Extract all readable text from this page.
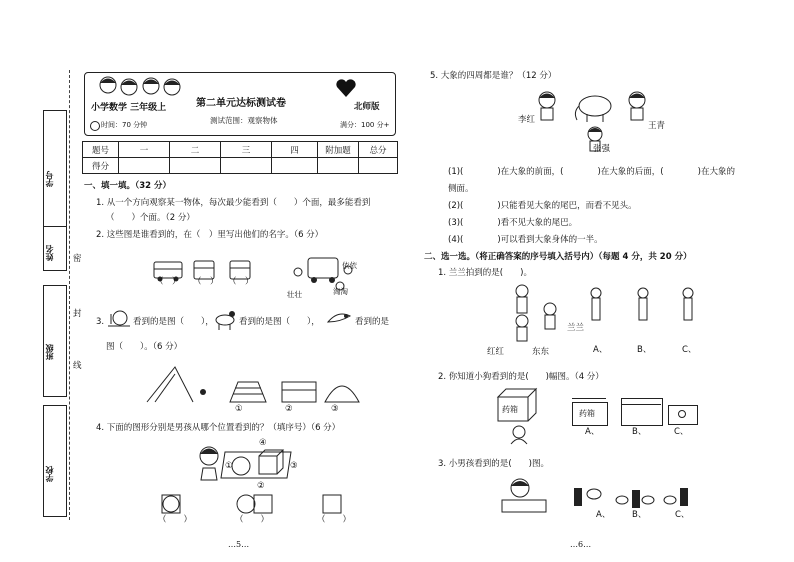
学号
姓名
班级
学校
密
封
线
小学数学 三年级上
时间：70 分钟
第二单元达标测试卷	北师版
测试范围：观察物体	满分：100 分+
题号	一	二	三	四	附加题	总分
得分						
一、填一填。（32 分）
1. 从一个方向观察某一物体，每次最少能看到（　　）个面，最多能看到
（　　）个面。（2 分）
2. 这些图是谁看到的，在（　）里写出他们的名字。（6 分）
（　） （　） （　）
依依
壮壮	淘淘
3.	看到的是图（　　），	看到的是图（　　），	看到的是
图（　　）。（6 分）
①	②	③
4. 下面的图形分别是男孩从哪个位置看到的？（填序号）（6 分）
④
①	③
②
（　　）	（　　）	（　　）
…5…
5. 大象的四周都是谁？（12 分）
李红
王青
张强
(1)(　　　　)在大象的前面，(　　　　)在大象的后面，(　　　　)在大象的
侧面。
(2)(　　　　)只能看见大象的尾巴，而看不见头。
(3)(　　　　)看不见大象的尾巴。
(4)(　　　　)可以看到大象身体的一半。
二、选一选。（将正确答案的序号填入括号内）（每题 4 分，共 20 分）
1. 兰兰拍到的是(　　)。
兰兰
红红	东东	A、	B、	C、
2. 你知道小狗看到的是(　　)幅图。（4 分）
药箱	药箱
A、	B、	C、
3. 小男孩看到的是(　　)图。
A、	B、	C、
…6…
